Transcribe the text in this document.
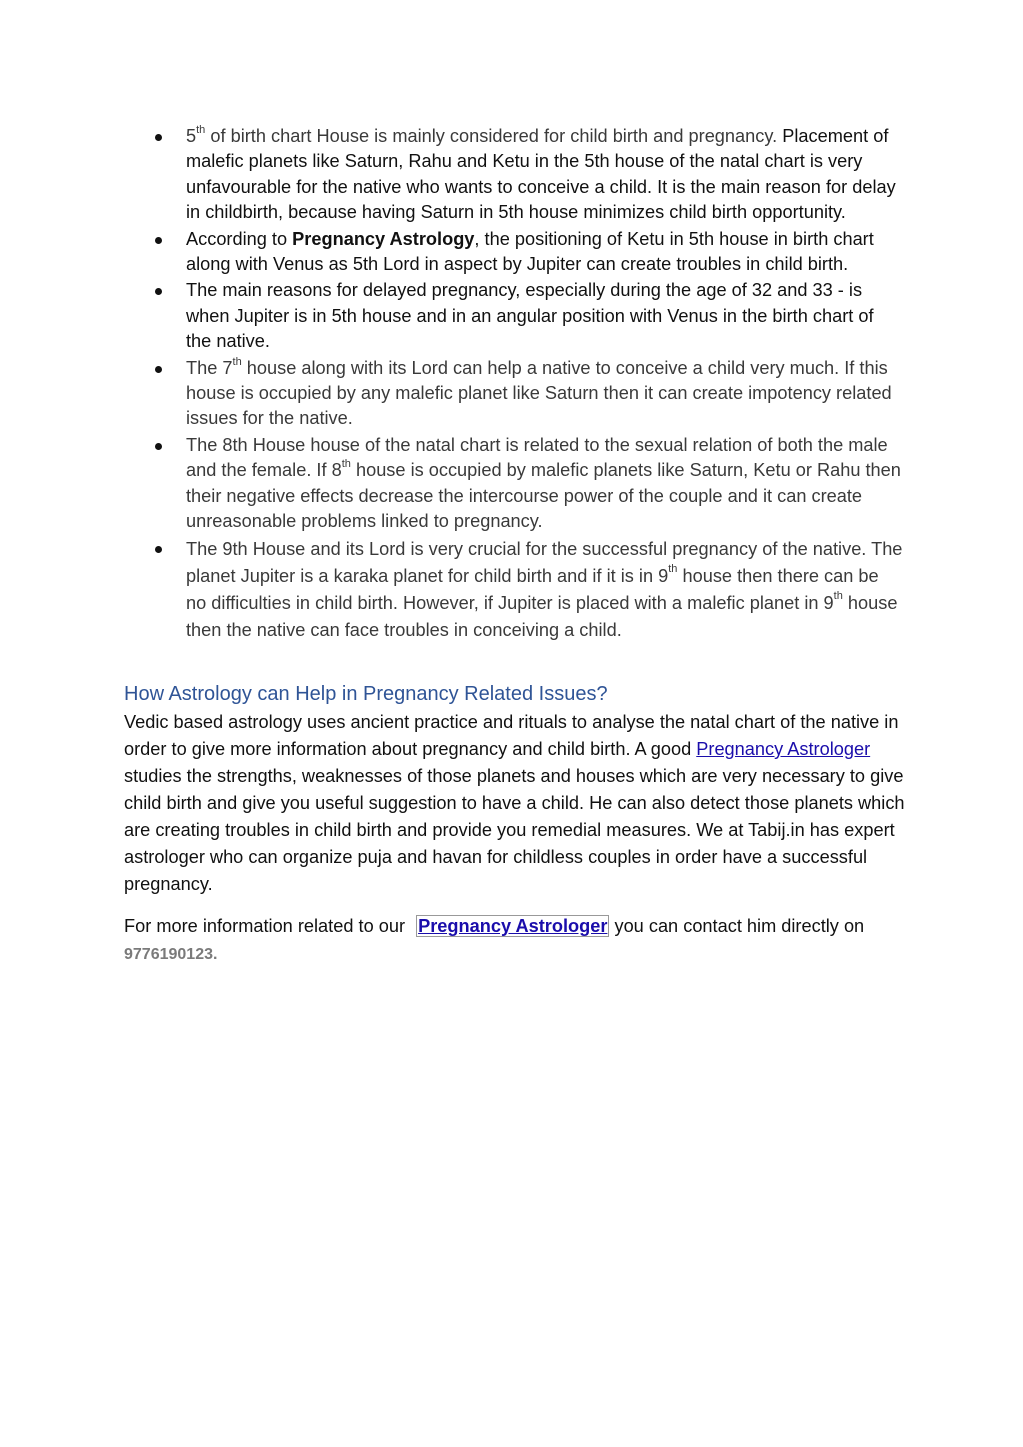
5th of birth chart House is mainly considered for child birth and pregnancy. Placement of malefic planets like Saturn, Rahu and Ketu in the 5th house of the natal chart is very unfavourable for the native who wants to conceive a child. It is the main reason for delay in childbirth, because having Saturn in 5th house minimizes child birth opportunity.
According to Pregnancy Astrology, the positioning of Ketu in 5th house in birth chart along with Venus as 5th Lord in aspect by Jupiter can create troubles in child birth.
The main reasons for delayed pregnancy, especially during the age of 32 and 33 - is when Jupiter is in 5th house and in an angular position with Venus in the birth chart of the native.
The 7th house along with its Lord can help a native to conceive a child very much. If this house is occupied by any malefic planet like Saturn then it can create impotency related issues for the native.
The 8th House house of the natal chart is related to the sexual relation of both the male and the female. If 8th house is occupied by malefic planets like Saturn, Ketu or Rahu then their negative effects decrease the intercourse power of the couple and it can create unreasonable problems linked to pregnancy.
The 9th House and its Lord is very crucial for the successful pregnancy of the native. The planet Jupiter is a karaka planet for child birth and if it is in 9th house then there can be no difficulties in child birth. However, if Jupiter is placed with a malefic planet in 9th house then the native can face troubles in conceiving a child.
How Astrology can Help in Pregnancy Related Issues?

Vedic based astrology uses ancient practice and rituals to analyse the natal chart of the native in order to give more information about pregnancy and child birth. A good Pregnancy Astrologer studies the strengths, weaknesses of those planets and houses which are very necessary to give child birth and give you useful suggestion to have a child. He can also detect those planets which are creating troubles in child birth and provide you remedial measures. We at Tabij.in has expert astrologer who can organize puja and havan for childless couples in order have a successful pregnancy.

For more information related to our Pregnancy Astrologer you can contact him directly on 9776190123.
